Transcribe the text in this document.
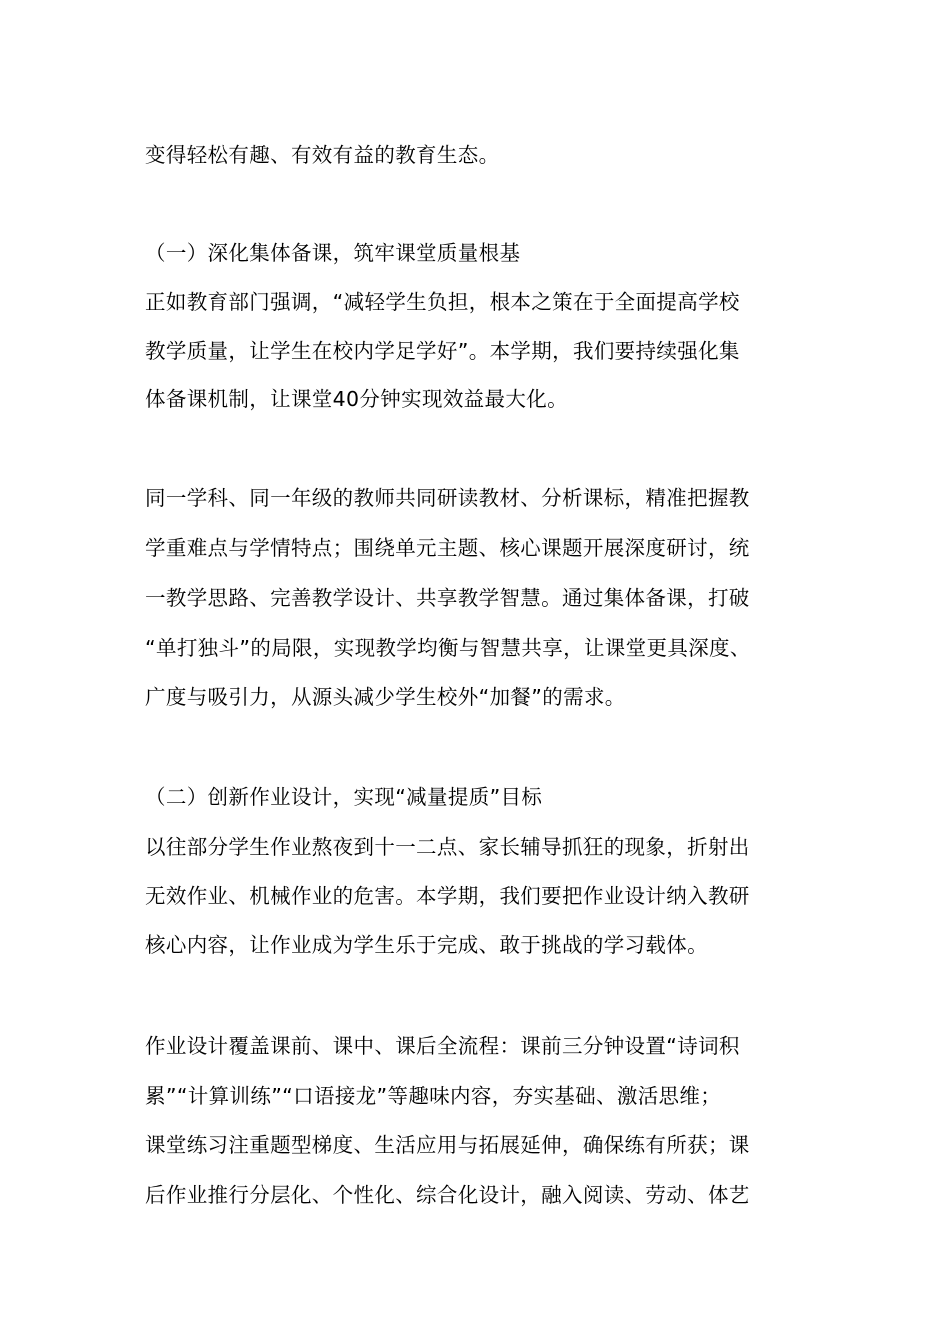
变得轻松有趣、有效有益的教育生态。

（一）深化集体备课，筑牢课堂质量根基

正如教育部门强调，“减轻学生负担，根本之策在于全面提高学校

教学质量，让学生在校内学足学好”。本学期，我们要持续强化集

体备课机制，让课堂40分钟实现效益最大化。

同一学科、同一年级的教师共同研读教材、分析课标，精准把握教

学重难点与学情特点；围绕单元主题、核心课题开展深度研讨，统

一教学思路、完善教学设计、共享教学智慧。通过集体备课，打破

“单打独斗”的局限，实现教学均衡与智慧共享，让课堂更具深度、

广度与吸引力，从源头减少学生校外“加餐”的需求。

（二）创新作业设计，实现“减量提质”目标

以往部分学生作业熬夜到十一二点、家长辅导抓狂的现象，折射出

无效作业、机械作业的危害。本学期，我们要把作业设计纳入教研

核心内容，让作业成为学生乐于完成、敢于挑战的学习载体。

作业设计覆盖课前、课中、课后全流程：课前三分钟设置“诗词积

累”“计算训练”“口语接龙”等趣味内容，夯实基础、激活思维；

课堂练习注重题型梯度、生活应用与拓展延伸，确保练有所获；课

后作业推行分层化、个性化、综合化设计，融入阅读、劳动、体艺
